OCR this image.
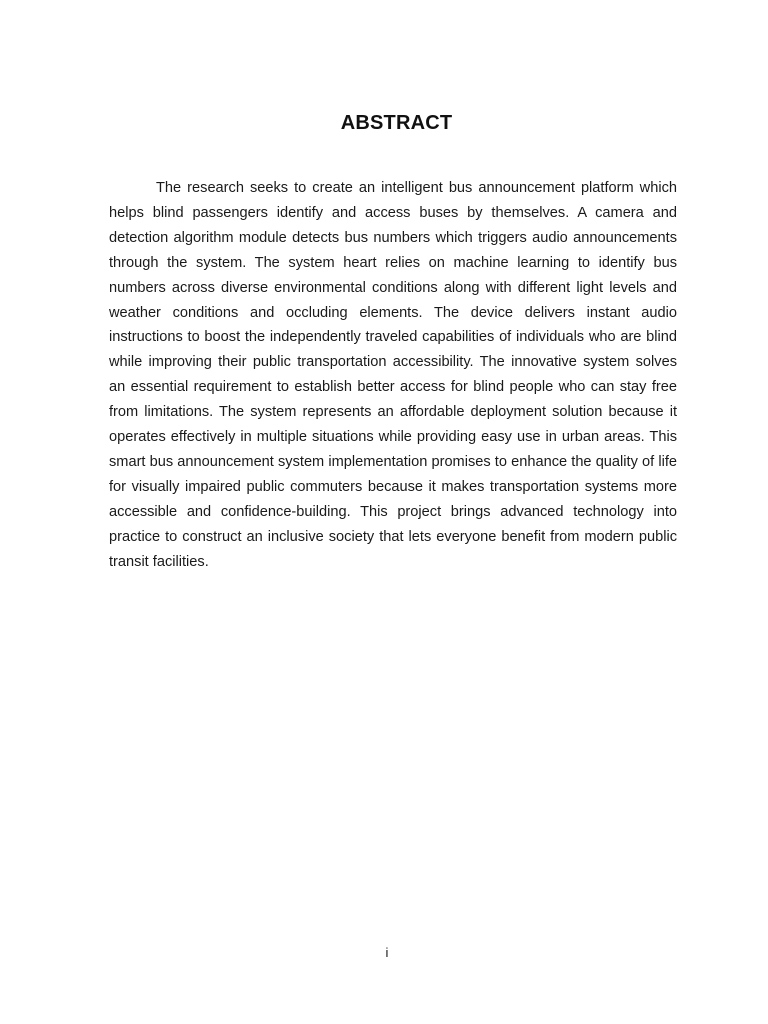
ABSTRACT

The research seeks to create an intelligent bus announcement platform which helps blind passengers identify and access buses by themselves. A camera and detection algorithm module detects bus numbers which triggers audio announcements through the system. The system heart relies on machine learning to identify bus numbers across diverse environmental conditions along with different light levels and weather conditions and occluding elements. The device delivers instant audio instructions to boost the independently traveled capabilities of individuals who are blind while improving their public transportation accessibility. The innovative system solves an essential requirement to establish better access for blind people who can stay free from limitations. The system represents an affordable deployment solution because it operates effectively in multiple situations while providing easy use in urban areas. This smart bus announcement system implementation promises to enhance the quality of life for visually impaired public commuters because it makes transportation systems more accessible and confidence-building. This project brings advanced technology into practice to construct an inclusive society that lets everyone benefit from modern public transit facilities.

i
